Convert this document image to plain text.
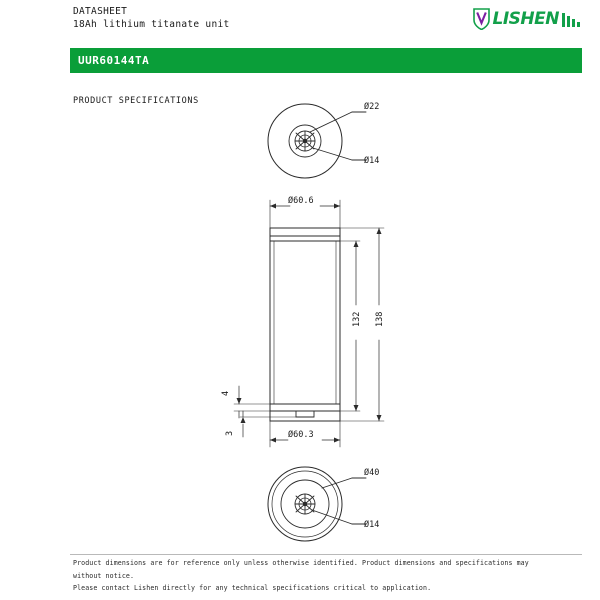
DATASHEET
18Ah lithium titanate unit	LISHEN
UUR60144TA
PRODUCT SPECIFICATIONS
Ø22
Ø14
Ø60.6
Ø60.3
132 138
4
3
Ø40
Ø14

Product dimensions are for reference only unless otherwise identified. Product dimensions and specifications may

without notice.

Please contact Lishen directly for any technical specifications critical to application.
